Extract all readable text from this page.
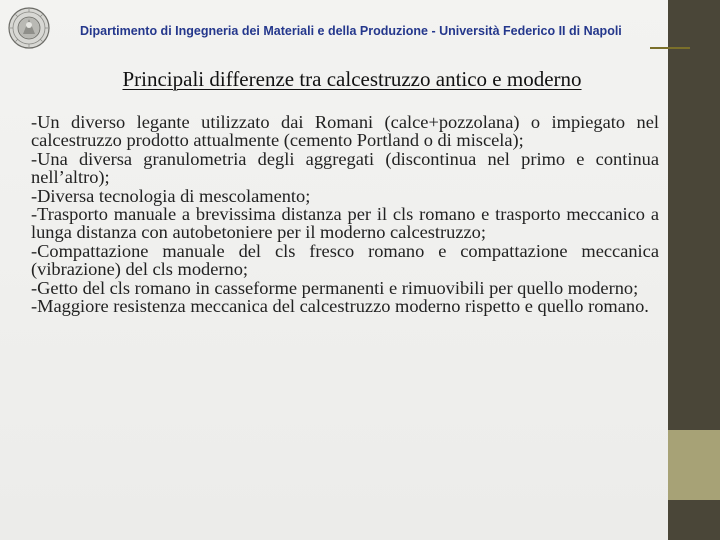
Dipartimento di Ingegneria dei Materiali e della Produzione - Università Federico II di Napoli
Principali differenze tra calcestruzzo antico e moderno

-Un diverso legante utilizzato dai Romani (calce+pozzolana) o impiegato nel calcestruzzo prodotto attualmente (cemento Portland o di miscela);

-Una diversa granulometria degli aggregati (discontinua nel primo e continua nell’altro);

-Diversa tecnologia di mescolamento;

-Trasporto manuale a brevissima distanza per il cls romano e trasporto meccanico a lunga distanza con autobetoniere per il moderno calcestruzzo;

-Compattazione manuale del cls fresco romano e compattazione meccanica (vibrazione) del cls moderno;

-Getto del cls romano in casseforme permanenti e rimuovibili per quello moderno;

-Maggiore resistenza meccanica del calcestruzzo moderno rispetto e quello romano.
